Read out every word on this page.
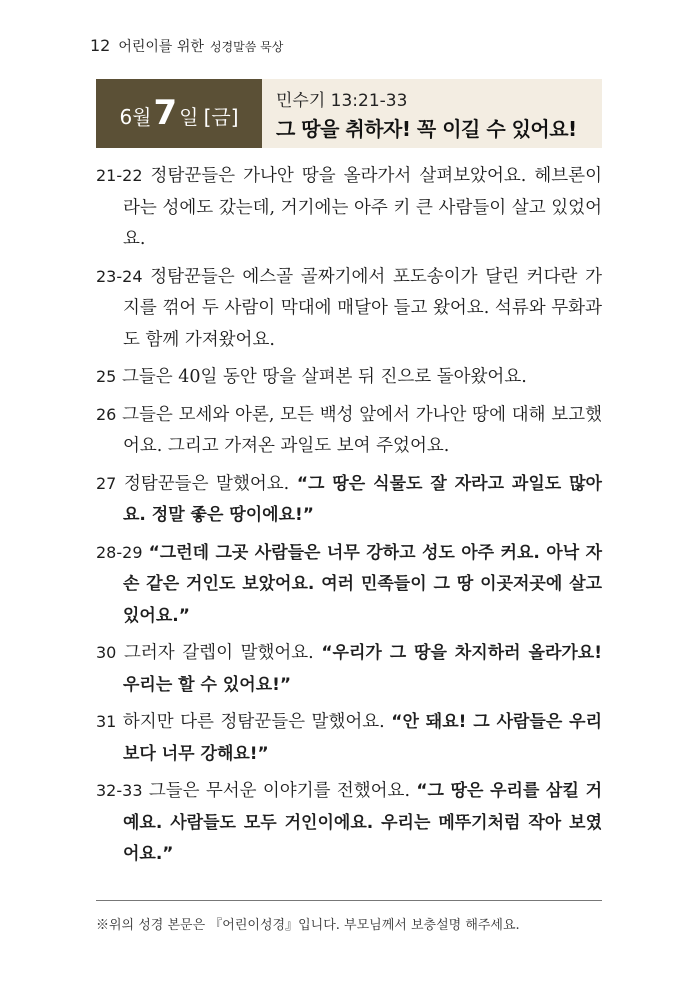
12 어린이를 위한 성경말씀 묵상
6월 7 일
[금]
민수기 13:21-33
그 땅을 취하자! 꼭 이길 수 있어요!
21-22 정탐꾼들은 가나안 땅을 올라가서 살펴보았어요. 헤브론이라는 성에도 갔는데, 거기에는 아주 키 큰 사람들이 살고 있었어요.
23-24 정탐꾼들은 에스골 골짜기에서 포도송이가 달린 커다란 가지를 꺾어 두 사람이 막대에 매달아 들고 왔어요. 석류와 무화과도 함께 가져왔어요.
25 그들은 40일 동안 땅을 살펴본 뒤 진으로 돌아왔어요.
26 그들은 모세와 아론, 모든 백성 앞에서 가나안 땅에 대해 보고했어요. 그리고 가져온 과일도 보여 주었어요.
27 정탐꾼들은 말했어요. “그 땅은 식물도 잘 자라고 과일도 많아요. 정말 좋은 땅이에요!”
28-29 “그런데 그곳 사람들은 너무 강하고 성도 아주 커요. 아낙 자손 같은 거인도 보았어요. 여러 민족들이 그 땅 이곳저곳에 살고 있어요.”
30 그러자 갈렙이 말했어요. “우리가 그 땅을 차지하러 올라가요! 우리는 할 수 있어요!”
31 하지만 다른 정탐꾼들은 말했어요. “안 돼요! 그 사람들은 우리보다 너무 강해요!”
32-33 그들은 무서운 이야기를 전했어요. “그 땅은 우리를 삼킬 거예요. 사람들도 모두 거인이에요. 우리는 메뚜기처럼 작아 보였어요.”
※위의 성경 본문은 『어린이성경』입니다. 부모님께서 보충설명 해주세요.
